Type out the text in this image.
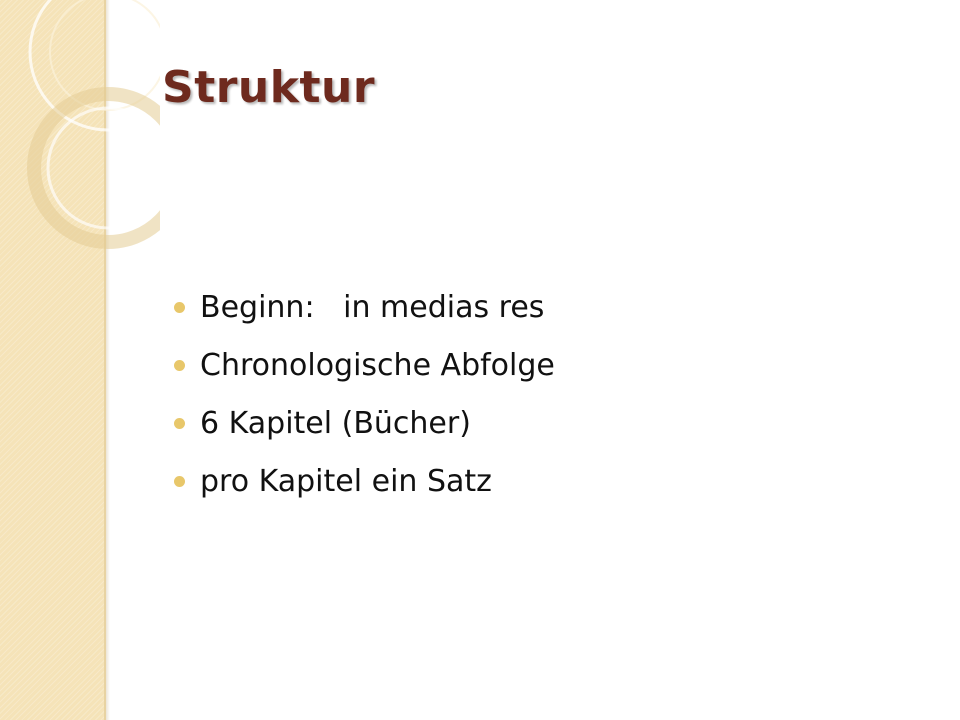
Struktur
Beginn:   in medias res
Chronologische Abfolge
6 Kapitel (Bücher)
pro Kapitel ein Satz
